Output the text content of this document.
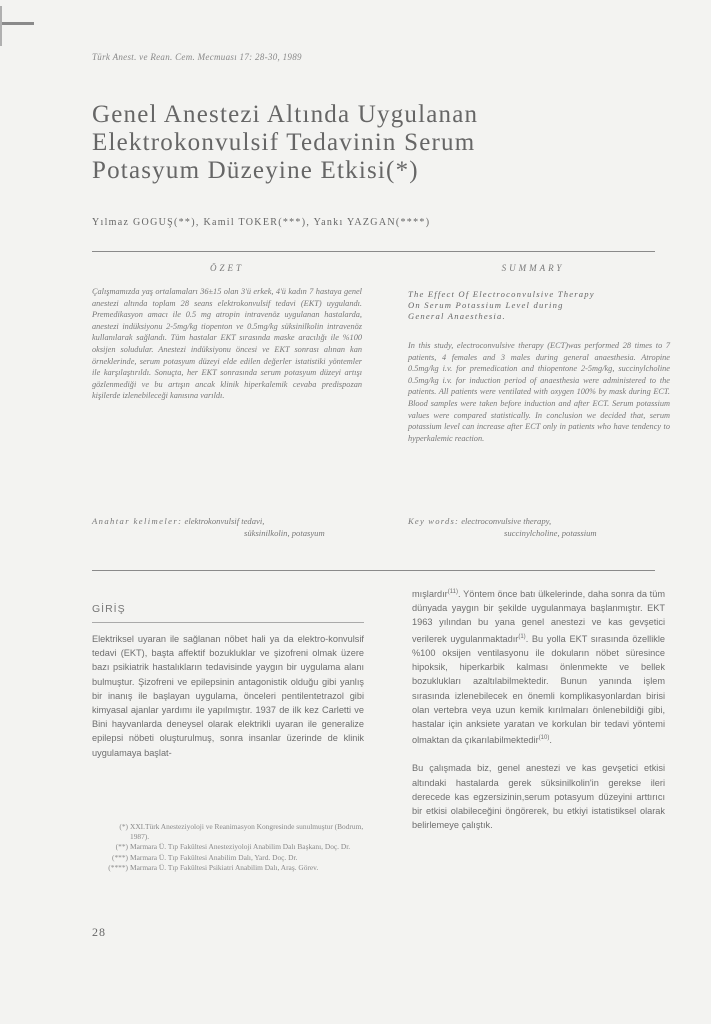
Türk Anest. ve Rean. Cem. Mecmuası 17: 28-30, 1989
Genel Anestezi Altında Uygulanan
Elektrokonvulsif Tedavinin Serum
Potasyum Düzeyine Etkisi(*)
Yılmaz GOGUŞ(**), Kamil TOKER(***), Yankı YAZGAN(****)
ÖZET
Çalışmamızda yaş ortalamaları 36±15 olan 3'ü erkek, 4'ü kadın 7 hastaya genel anestezi altında toplam 28 seans elektrokonvulsif tedavi (EKT) uygulandı. Premedikasyon amacı ile 0.5 mg atropin intravenöz uygulanan hastalarda, anestezi indüksiyonu 2-5mg/kg tiopenton ve 0.5mg/kg süksinilkolin intravenöz kullanılarak sağlandı. Tüm hastalar EKT sırasında maske aracılığı ile %100 oksijen soludular. Anestezi indüksiyonu öncesi ve EKT sonrası alınan kan örneklerinde, serum potasyum düzeyi elde edilen değerler istatistiki yöntemler ile karşılaştırıldı. Sonuçta, her EKT sonrasında serum potasyum düzeyi artışı gözlenmediği ve bu artışın ancak klinik hiperkalemik cevaba predispozan kişilerde izlenebileceği kanısına varıldı.
Anahtar kelimeler: elektrokonvulsif tedavi,
süksinilkolin, potasyum
SUMMARY
The Effect Of Electroconvulsive Therapy
On Serum Potassium Level during
General Anaesthesia.
In this study, electroconvulsive therapy (ECT)was performed 28 times to 7 patients, 4 females and 3 males during general anaesthesia. Atropine 0.5mg/kg i.v. for premedication and thiopentone 2-5mg/kg, succinylcholine 0.5mg/kg i.v. for induction period of anaesthesia were administered to the patients. All patients were ventilated with oxygen 100% by mask during ECT. Blood samples were taken before induction and after ECT. Serum potassium values were compared statistically. In conclusion we decided that, serum potassium level can increase after ECT only in patients who have tendency to hyperkalemic reaction.
Key words: electroconvulsive therapy,
succinylcholine, potassium
GİRİŞ

Elektriksel uyaran ile sağlanan nöbet hali ya da elektro-konvulsif tedavi (EKT), başta affektif bozukluklar ve şizofreni olmak üzere bazı psikiatrik hastalıkların tedavisinde yaygın bir uygulama alanı bulmuştur. Şizofreni ve epilepsinin antagonistik olduğu gibi yanlış bir inanış ile başlayan uygulama, önceleri pentilentetrazol gibi kimyasal ajanlar yardımı ile yapılmıştır. 1937 de ilk kez Carletti ve Bini hayvanlarda deneysel olarak elektrikli uyaran ile generalize epilepsi nöbeti oluşturulmuş, sonra insanlar üzerinde de klinik uygulamaya başlat-

mışlardır$^{(11)}$. Yöntem önce batı ülkelerinde, daha sonra da tüm dünyada yaygın bir şekilde uygulanmaya başlanmıştır. EKT 1963 yılından bu yana genel anestezi ve kas gevşetici verilerek uygulanmaktadır$^{(1)}$. Bu yolla EKT sırasında özellikle %100 oksijen ventilasyonu ile dokuların nöbet süresince hipoksik, hiperkarbik kalması önlenmekte ve bellek bozuklukları azaltılabilmektedir. Bunun yanında işlem sırasında izlenebilecek en önemli komplikasyonlardan birisi olan vertebra veya uzun kemik kırılmaları önlenebildiği gibi, hastalar için anksiete yaratan ve korkulan bir tedavi yöntemi olmaktan da çıkarılabilmektedir$^{(10)}$.

Bu çalışmada biz, genel anestezi ve kas gevşetici etkisi altındaki hastalarda gerek süksinilkolin'in gerekse ileri derecede kas egzersizinin,serum potasyum düzeyini arttırıcı bir etkisi olabileceğini öngörerek, bu etkiyi istatistiksel olarak belirlemeye çalıştık.

(*) XXI.Türk Anesteziyoloji ve Reanimasyon Kongresinde sunulmuştur (Bodrum, 1987).
(**) Marmara Ü. Tıp Fakültesi Anesteziyoloji Anabilim Dalı Başkanı, Doç. Dr.
(***) Marmara Ü. Tıp Fakültesi Anabilim Dalı, Yard. Doç. Dr.
(****) Marmara Ü. Tıp Fakültesi Psikiatri Anabilim Dalı, Araş. Görev.
28
